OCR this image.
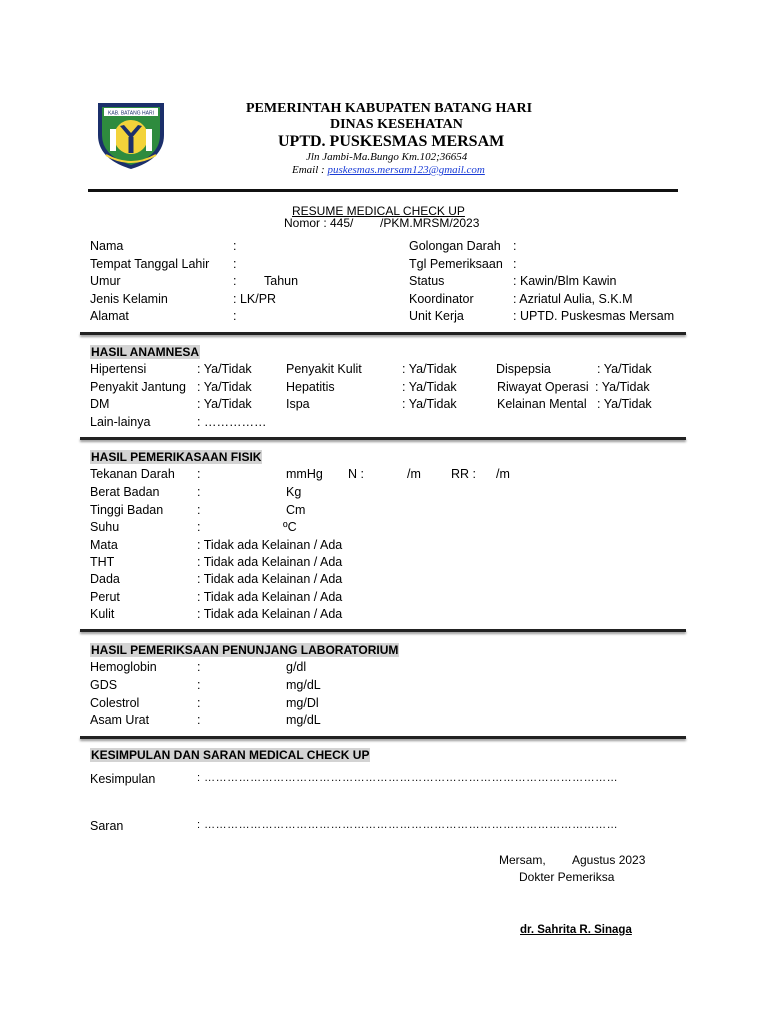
KAB. BATANG HARI	PEMERINTAH KABUPATEN BATANG HARI
DINAS KESEHATAN
UPTD. PUSKESMAS MERSAM
Jln Jambi-Ma.Bungo Km.102;36654
Email : puskesmas.mersam123@gmail.com
RESUME MEDICAL CHECK UP
Nomor : 445/        /PKM.MRSM/2023
Nama	:
Tempat Tanggal Lahir :
Umur	: Tahun
Jenis Kelamin	: LK/PR
Alamat	:
Golongan Darah :
Tgl Pemeriksaan :
Status	: Kawin/Blm Kawin
Koordinator	: Azriatul Aulia, S.K.M
Unit Kerja	: UPTD. Puskesmas Mersam
HASIL ANAMNESA
Hipertensi	: Ya/Tidak	Penyakit Kulit	: Ya/Tidak	Dispepsia	: Ya/Tidak
Penyakit Jantung : Ya/Tidak	Hepatitis	: Ya/Tidak	Riwayat Operasi : Ya/Tidak
DM	: Ya/Tidak	Ispa	: Ya/Tidak	Kelainan Mental : Ya/Tidak
Lain-lainya	: ……………
HASIL PEMERIKASAAN FISIK
Tekanan Darah :	mmHg N :	/m RR : /m
Berat Badan	:	Kg
Tinggi Badan	:	Cm
Suhu	:	ºC
Mata	: Tidak ada Kelainan / Ada
THT	: Tidak ada Kelainan / Ada
Dada	: Tidak ada Kelainan / Ada
Perut	: Tidak ada Kelainan / Ada
Kulit	: Tidak ada Kelainan / Ada
HASIL PEMERIKSAAN PENUNJANG LABORATORIUM
Hemoglobin	:	g/dl
GDS	:	mg/dL
Colestrol	:	mg/Dl
Asam Urat	:	mg/dL
KESIMPULAN DAN SARAN MEDICAL CHECK UP
Kesimpulan	: ………………………………………………………………………………………………
Saran	: ………………………………………………………………………………………………
Mersam, Agustus 2023
Dokter Pemeriksa
dr. Sahrita R. Sinaga
